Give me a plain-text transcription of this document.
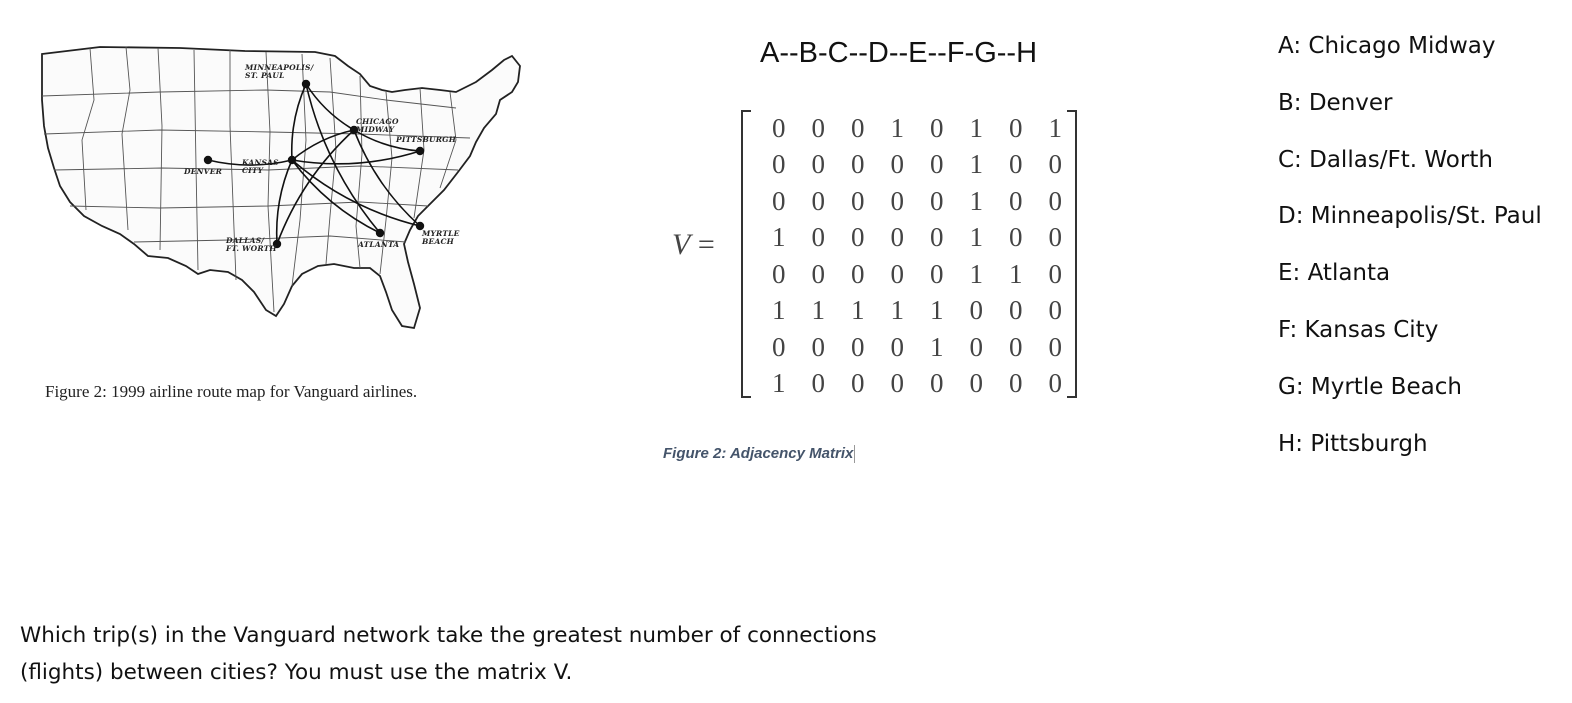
MINNEAPOLIS/
ST. PAUL
CHICAGO
MIDWAY
PITTSBURGH
DENVER
KANSAS
CITY
DALLAS/
FT. WORTH	ATLANTA
MYRTLE
BEACH
Figure 2: 1999 airline route map for Vanguard airlines.
A--B-C--D--E--F-G--H
V =
0 0 0 1 0 1 0 1
0 0 0 0 0 1 0 0
0 0 0 0 0 1 0 0
1 0 0 0 0 1 0 0
0 0 0 0 0 1 1 0
1 1 1 1 1 0 0 0
0 0 0 0 1 0 0 0
1 0 0 0 0 0 0 0
Figure 2: Adjacency Matrix
A: Chicago Midway
B: Denver
C: Dallas/Ft. Worth
D: Minneapolis/St. Paul
E: Atlanta
F: Kansas City
G: Myrtle Beach
H: Pittsburgh
Which trip(s) in the Vanguard network take the greatest number of connections
(flights) between cities? You must use the matrix V.
